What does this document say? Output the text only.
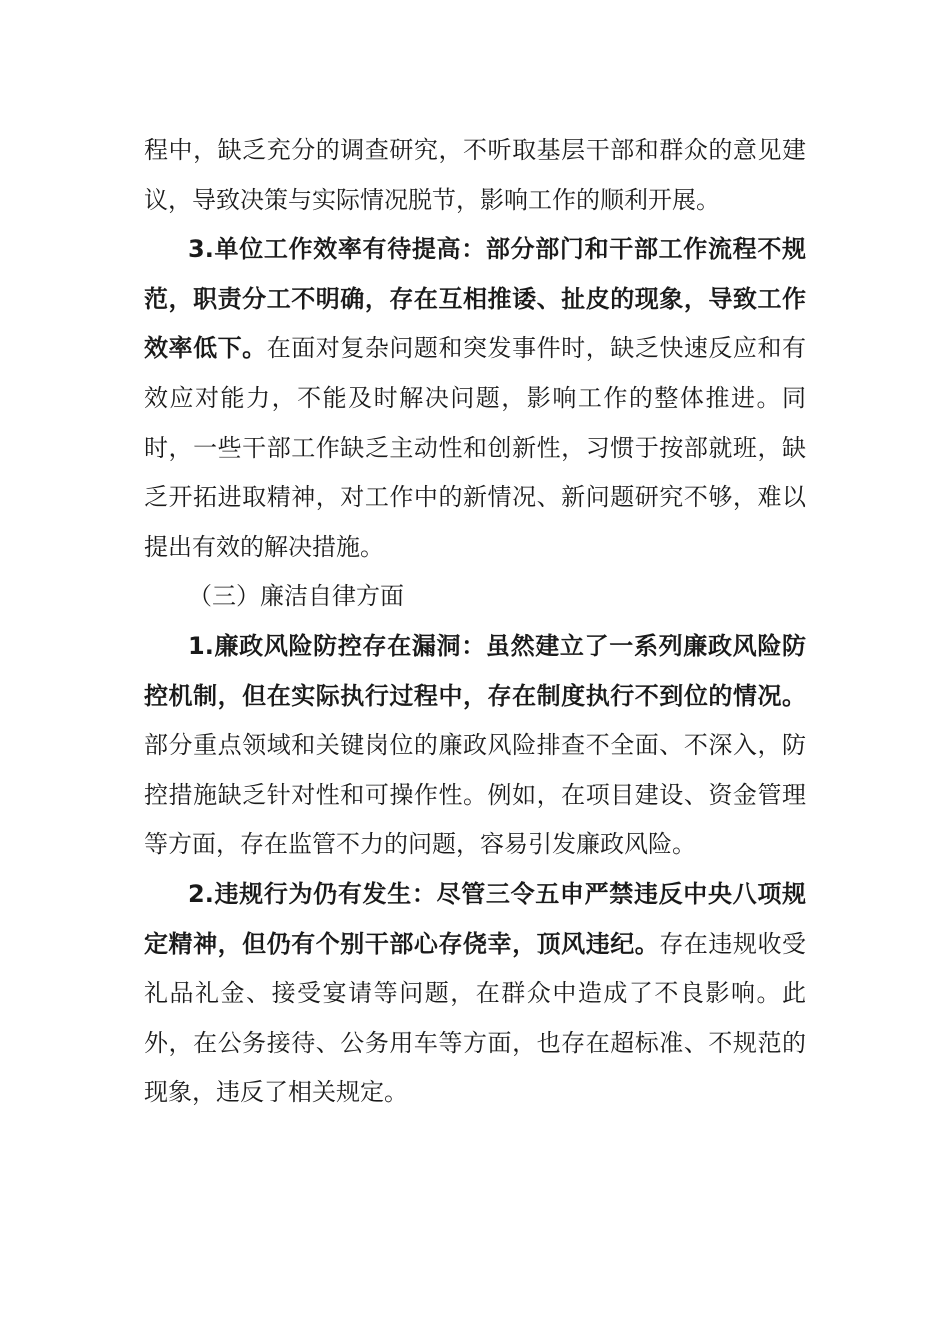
程中，缺乏充分的调查研究，不听取基层干部和群众的意见建议，导致决策与实际情况脱节，影响工作的顺利开展。

3.单位工作效率有待提高：部分部门和干部工作流程不规范，职责分工不明确，存在互相推诿、扯皮的现象，导致工作效率低下。在面对复杂问题和突发事件时，缺乏快速反应和有效应对能力，不能及时解决问题，影响工作的整体推进。同时，一些干部工作缺乏主动性和创新性，习惯于按部就班，缺乏开拓进取精神，对工作中的新情况、新问题研究不够，难以提出有效的解决措施。

（三）廉洁自律方面

1.廉政风险防控存在漏洞：虽然建立了一系列廉政风险防控机制，但在实际执行过程中，存在制度执行不到位的情况。部分重点领域和关键岗位的廉政风险排查不全面、不深入，防控措施缺乏针对性和可操作性。例如，在项目建设、资金管理等方面，存在监管不力的问题，容易引发廉政风险。

2.违规行为仍有发生：尽管三令五申严禁违反中央八项规定精神，但仍有个别干部心存侥幸，顶风违纪。存在违规收受礼品礼金、接受宴请等问题，在群众中造成了不良影响。此外，在公务接待、公务用车等方面，也存在超标准、不规范的现象，违反了相关规定。
